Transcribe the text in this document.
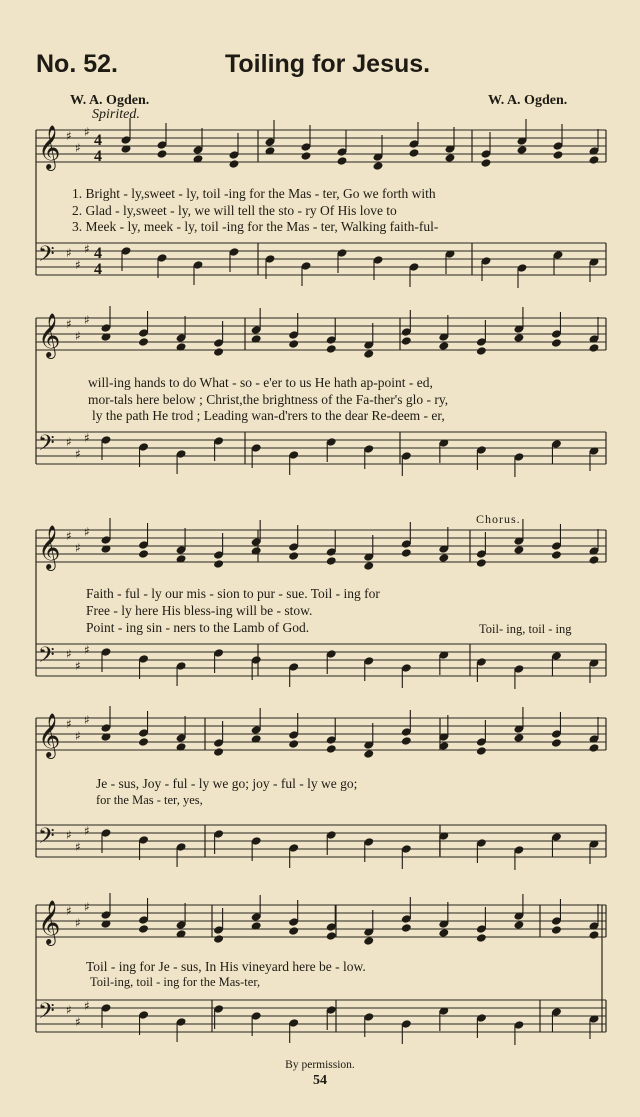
No. 52.	Toiling for Jesus.
W. A. Ogden.	W. A. Ogden.
Spirited.
𝄞 ♯
♯
♯ 4
4
𝄢 ♯
♯
♯ 4
4
𝄞 ♯
♯
♯
𝄢 ♯
♯
♯
𝄞 ♯
♯
♯
𝄢 ♯
♯
♯
𝄞 ♯
♯
♯
𝄢 ♯
♯
♯
𝄞 ♯
♯
♯
𝄢 ♯
♯
♯
1. Bright - ly,sweet - ly, toil -ing for the Mas - ter, Go we forth with
2. Glad - ly,sweet - ly, we will tell the sto - ry Of His love to
3. Meek - ly, meek - ly, toil -ing for the Mas - ter, Walking faith-ful-
will-ing hands to do What - so - e'er to us He hath ap-point - ed,
mor-tals here below ; Christ,the brightness of the Fa-ther's glo - ry,
ly the path He trod ; Leading wan-d'rers to the dear Re-deem - er,
Chorus.
Faith - ful - ly our mis - sion to pur - sue. Toil - ing for
Free - ly here His bless-ing will be - stow.
Point - ing sin - ners to the Lamb of God.	Toil- ing, toil - ing
Je - sus, Joy - ful - ly we go; joy - ful - ly we go;
for the Mas - ter, yes,
Toil - ing for Je - sus, In His vineyard here be - low.
Toil-ing, toil - ing for the Mas-ter,
By permission.
54
